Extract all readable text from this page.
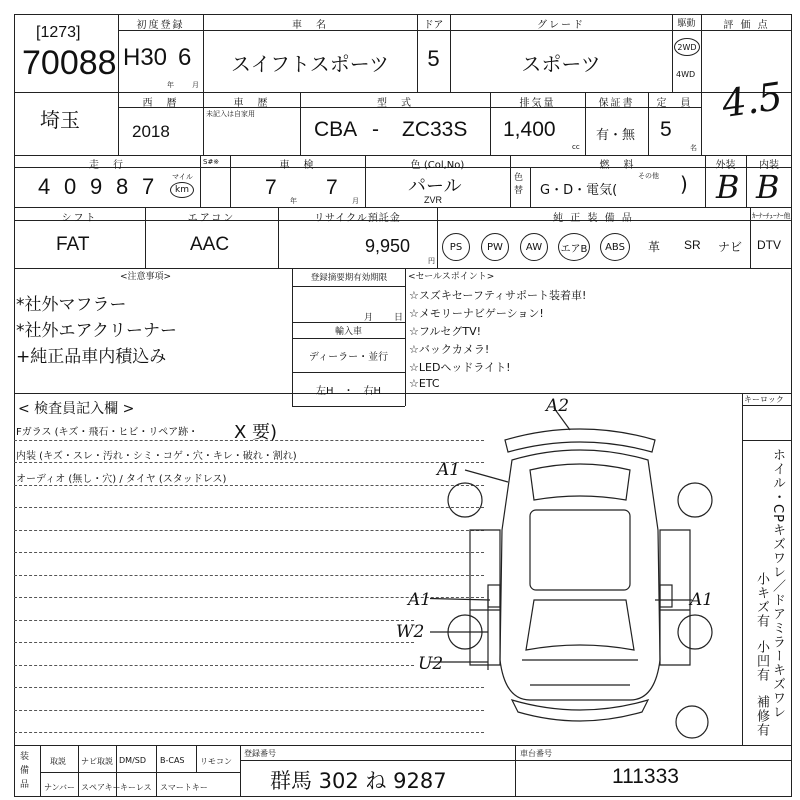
[1273]
70088
初度登録
H30 6
年	月
車　名
スイフトスポーツ
ドア
5
グレード
スポーツ
駆動
2WD
4WD
評 価 点
4.5
埼玉
西　暦
2018
車　歴
未記入は自家用
型　式
CBA - ZC33S
排気量
1,400
cc
保証書
有・無
定　員
5
名
走　行
4 0 9 8 7	マイル
km
S#※	車　検
7
年
7
月
色 (Col,No)
パール
ZVR
色替
燃　料
G・D・電気(
その他 )
外装
B
内装
B
シフト
FAT
エアコン
AAC
リサイクル預託金
9,950
円
純 正 装 備 品
PS PW AW エアB ABS 革 SR ナビ
ｶｰﾅｰﾁｭｰﾅｰ他
DTV
<注意事項>
*社外マフラー
*社外エアクリーナー
+純正品車内積込み
登録摘要期有効期限
月 日
輸入車
ディーラー・並行
左H　・　右H
<セールスポイント>
☆スズキセーフティサポート装着車!
☆メモリーナビゲーション!
☆フルセグTV!
☆バックカメラ!
☆LEDヘッドライト!
☆ETC
< 検査員記入欄 >
Fガラス (キズ・飛石・ヒビ・リペア跡・ X 要)
内装 (キズ・スレ・汚れ・シミ・コゲ・穴・キレ・破れ・割れ)
オーディオ (無し・穴) / タイヤ (スタッドレス)
キーロック
ホイル・CPキズワレ／ドアミラーキズワレ
小キズ有
小凹有
補修有
A2
A1
A1	A1
W2
U2
装備品
取説 ナビ取説 DM/SD B-CAS リモコン
ナンバー スペアキー キーレス スマートキー
登録番号
群馬 302 ね 9287
車台番号
111333
